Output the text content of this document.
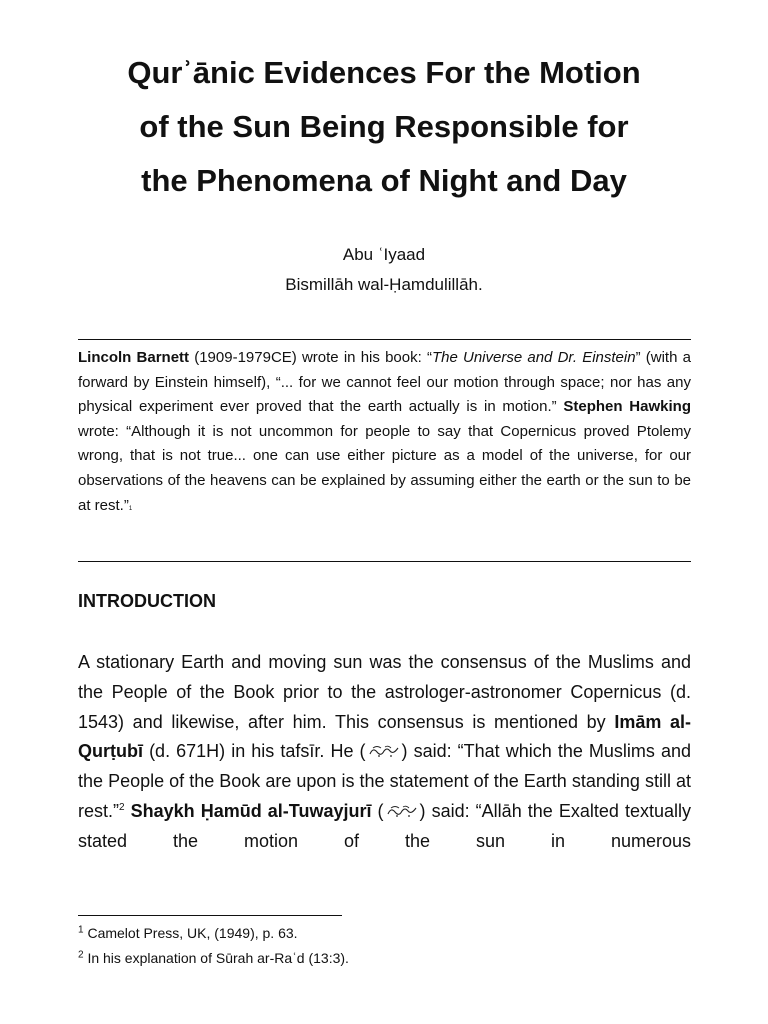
Qurʾānic Evidences For the Motion
of the Sun Being Responsible for
the Phenomena of Night and Day

Abu ʿIyaad

Bismillāh wal-Ḥamdulillāh.

Lincoln Barnett (1909-1979CE) wrote in his book: “The Universe and Dr. Einstein” (with a forward by Einstein himself), “... for we cannot feel our motion through space; nor has any physical experiment ever proved that the earth actually is in motion.” Stephen Hawking wrote: “Although it is not uncommon for people to say that Copernicus proved Ptolemy wrong, that is not true... one can use either picture as a model of the universe, for our observations of the heavens can be explained by assuming either the earth or the sun to be at rest.”1

INTRODUCTION

A stationary Earth and moving sun was the consensus of the Muslims and the People of the Book prior to the astrologer-astronomer Copernicus (d. 1543) and likewise, after him. This consensus is mentioned by Imām al-Qurṭubī (d. 671H) in his tafsīr. He ( ) said: “That which the Muslims and the People of the Book are upon is the statement of the Earth standing still at rest.”$^2$ Shaykh Ḥamūd al-Tuwayjurī ( ) said: “Allāh the Exalted textually stated the motion of the sun in numerous

$^1$ Camelot Press, UK, (1949), p. 63.

$^2$ In his explanation of Sūrah ar-Raʿd (13:3).
